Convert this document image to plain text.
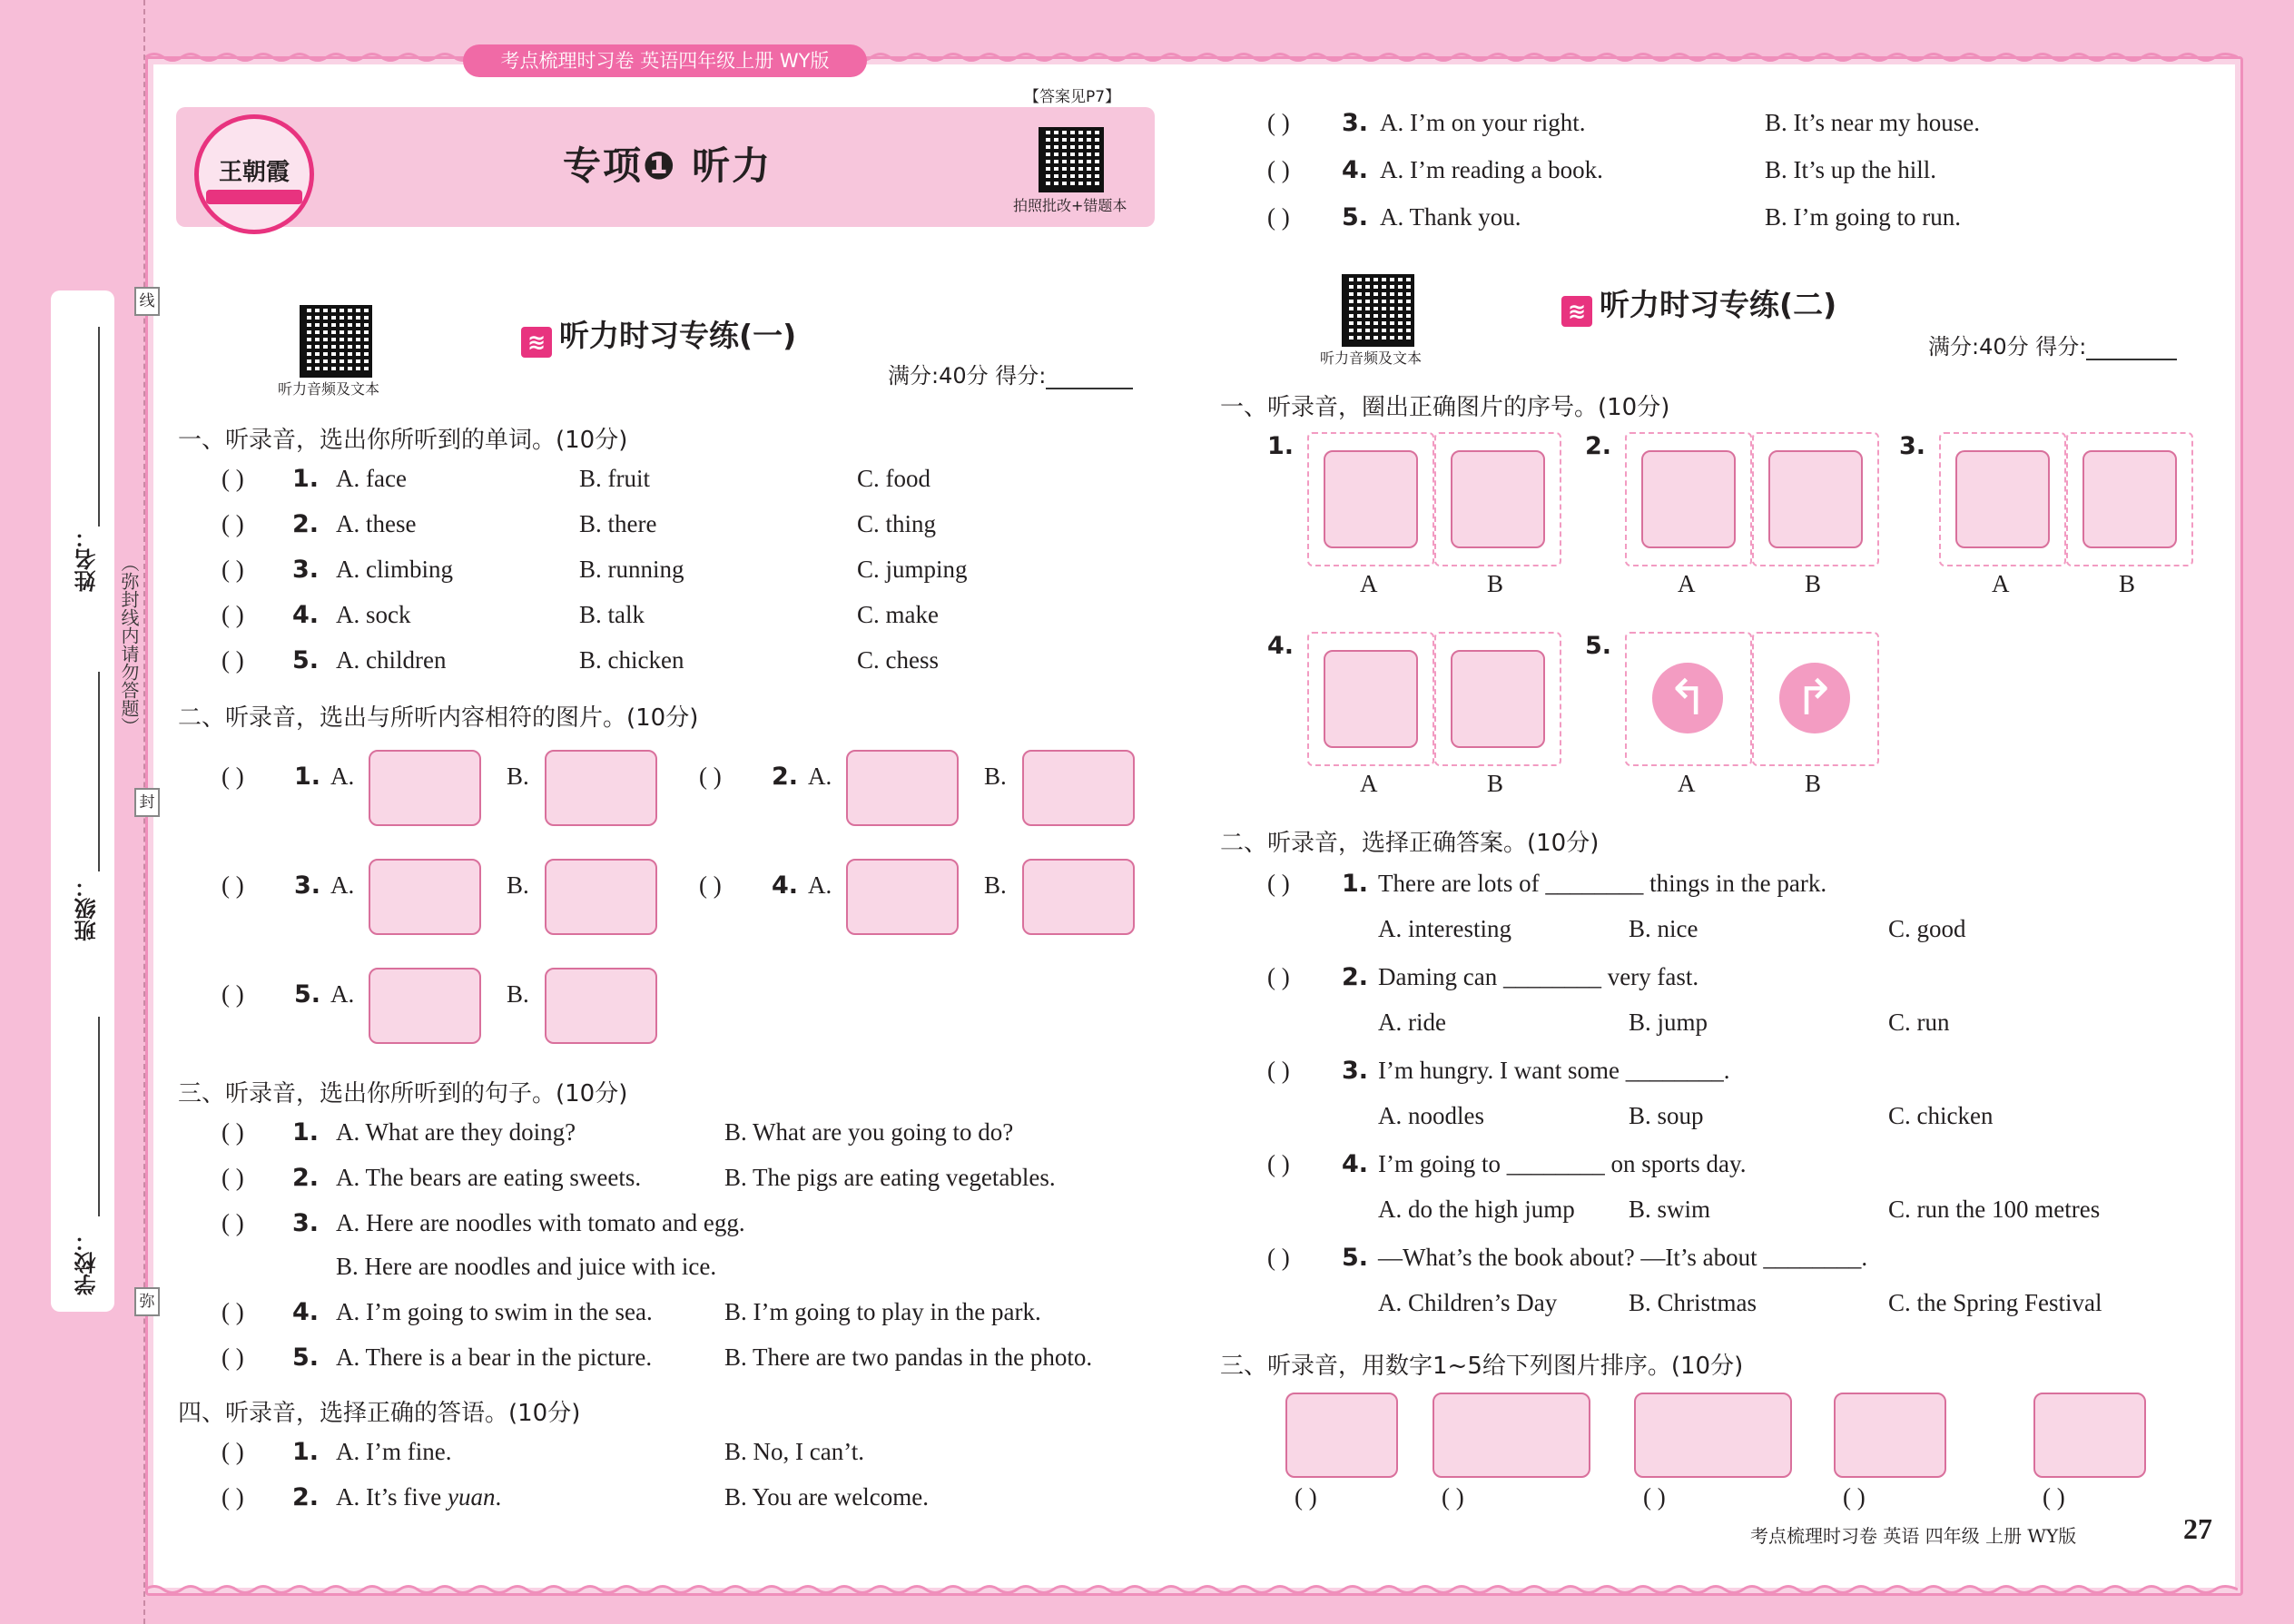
考点梳理时习卷 英语四年级上册 WY版
姓名：
班级：
学校：
（弥封线内请勿答题）
线
封
弥
王朝霞	专项❶ 听力
【答案见P7】
拍照批改+错题本
听力音频及文本
≋ 听力时习专练(一)
满分:40分 得分:
一、听录音，选出你所听到的单词。(10分)
( ) 1. A. face	B. fruit	C. food
( ) 2. A. these	B. there	C. thing
( ) 3. A. climbing	B. running	C. jumping
( ) 4. A. sock	B. talk	C. make
( ) 5. A. children	B. chicken	C. chess
二、听录音，选出与所听内容相符的图片。(10分)
( ) 1. A.	B.	( ) 2. A.	B.
( ) 3. A.	B.	( ) 4. A.	B.
( ) 5. A.	B.
三、听录音，选出你所听到的句子。(10分)
( ) 1. A. What are they doing?	B. What are you going to do?
( ) 2. A. The bears are eating sweets.	B. The pigs are eating vegetables.
( ) 3. A. Here are noodles with tomato and egg.
B. Here are noodles and juice with ice.
( ) 4. A. I’m going to swim in the sea.	B. I’m going to play in the park.
( ) 5. A. There is a bear in the picture.	B. There are two pandas in the photo.
四、听录音，选择正确的答语。(10分)
( ) 1. A. I’m fine.	B. No, I can’t.
( ) 2. A. It’s five yuan.	B. You are welcome.
( ) 3. A. I’m on your right.	B. It’s near my house.
( ) 4. A. I’m reading a book.	B. It’s up the hill.
( ) 5. A. Thank you.	B. I’m going to run.
听力音频及文本
≋ 听力时习专练(二)
满分:40分 得分:
一、听录音，圈出正确图片的序号。(10分)
1.
A	B
2.
A	B
3.
A	B
4.
A	B
5.
↰
A
↱
B
二、听录音，选择正确答案。(10分)
( ) 1. There are lots of ________ things in the park.
A. interesting	B. nice	C. good
( ) 2. Daming can ________ very fast.
A. ride	B. jump	C. run
( ) 3. I’m hungry. I want some ________.
A. noodles	B. soup	C. chicken
( ) 4. I’m going to ________ on sports day.
A. do the high jump B. swim	C. run the 100 metres
( ) 5. —What’s the book about? —It’s about ________.
A. Children’s Day	B. Christmas	C. the Spring Festival
三、听录音，用数字1~5给下列图片排序。(10分)
( )	( )	( )	( )	( )
考点梳理时习卷 英语 四年级 上册 WY版	27
